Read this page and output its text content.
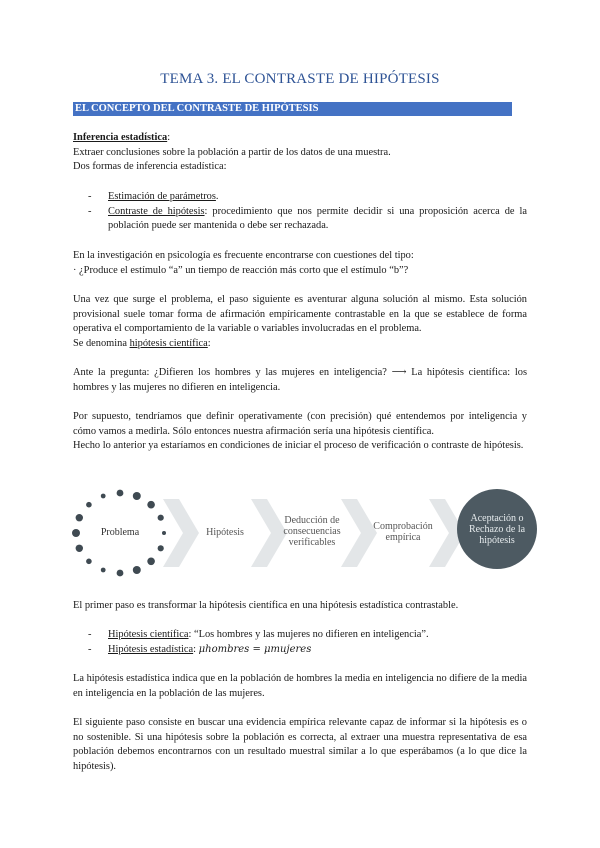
TEMA 3. EL CONTRASTE DE HIPÓTESIS
EL CONCEPTO DEL CONTRASTE DE HIPÓTESIS

Inferencia estadística:

Extraer conclusiones sobre la población a partir de los datos de una muestra.

Dos formas de inferencia estadística:

- Estimación de parámetros.
- Contraste de hipótesis: procedimiento que nos permite decidir si una proposición acerca de la población puede ser mantenida o debe ser rechazada.

En la investigación en psicología es frecuente encontrarse con cuestiones del tipo:

· ¿Produce el estímulo “a” un tiempo de reacción más corto que el estímulo “b”?

Una vez que surge el problema, el paso siguiente es aventurar alguna solución al mismo. Esta solución provisional suele tomar forma de afirmación empíricamente contrastable en la que se establece de forma operativa el comportamiento de la variable o variables involucradas en el problema.

Se denomina hipótesis científica:

Ante la pregunta: ¿Difieren los hombres y las mujeres en inteligencia? ⟶ La hipótesis científica: los hombres y las mujeres no difieren en inteligencia.

Por supuesto, tendríamos que definir operativamente (con precisión) qué entendemos por inteligencia y cómo vamos a medirla. Sólo entonces nuestra afirmación sería una hipótesis científica.

Hecho lo anterior ya estaríamos en condiciones de iniciar el proceso de verificación o contraste de hipótesis.

El primer paso es transformar la hipótesis científica en una hipótesis estadística contrastable.
- Hipótesis científica: “Los hombres y las mujeres no difieren en inteligencia”.
- Hipótesis estadística: μhombres = μmujeres
La hipótesis estadística indica que en la población de hombres la media en inteligencia no difiere de la media en inteligencia en la población de las mujeres.
El siguiente paso consiste en buscar una evidencia empírica relevante capaz de informar si la hipótesis es o no sostenible. Si una hipótesis sobre la población es correcta, al extraer una muestra representativa de esa población debemos encontrarnos con un resultado muestral similar a lo que esperábamos (a lo que dice la hipótesis).
Problema	Hipótesis
Deducción de consecuencias verificables
Comprobación empírica
Aceptación o Rechazo de la hipótesis
